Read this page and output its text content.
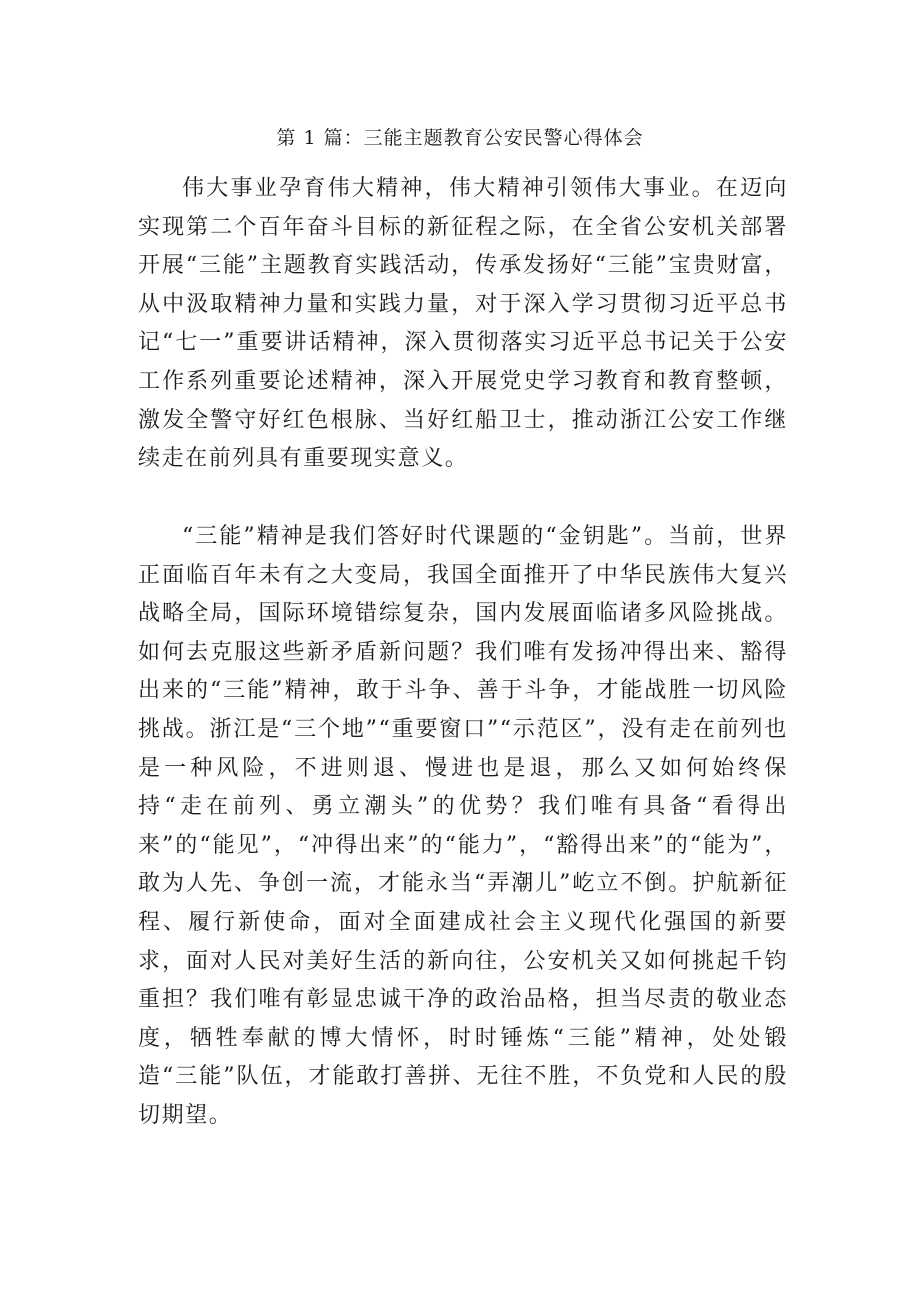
第 1 篇：三能主题教育公安民警心得体会

伟大事业孕育伟大精神，伟大精神引领伟大事业。在迈向实现第二个百年奋斗目标的新征程之际，在全省公安机关部署开展“三能”主题教育实践活动，传承发扬好“三能”宝贵财富，从中汲取精神力量和实践力量，对于深入学习贯彻习近平总书记“七一”重要讲话精神，深入贯彻落实习近平总书记关于公安工作系列重要论述精神，深入开展党史学习教育和教育整顿，激发全警守好红色根脉、当好红船卫士，推动浙江公安工作继续走在前列具有重要现实意义。

“三能”精神是我们答好时代课题的“金钥匙”。当前，世界正面临百年未有之大变局，我国全面推开了中华民族伟大复兴战略全局，国际环境错综复杂，国内发展面临诸多风险挑战。如何去克服这些新矛盾新问题？我们唯有发扬冲得出来、豁得出来的“三能”精神，敢于斗争、善于斗争，才能战胜一切风险挑战。浙江是“三个地”“重要窗口”“示范区”，没有走在前列也是一种风险，不进则退、慢进也是退，那么又如何始终保持“走在前列、勇立潮头”的优势？我们唯有具备“看得出来”的“能见”，“冲得出来”的“能力”，“豁得出来”的“能为”，敢为人先、争创一流，才能永当“弄潮儿”屹立不倒。护航新征程、履行新使命，面对全面建成社会主义现代化强国的新要求，面对人民对美好生活的新向往，公安机关又如何挑起千钧重担？我们唯有彰显忠诚干净的政治品格，担当尽责的敬业态度，牺牲奉献的博大情怀，时时锤炼“三能”精神，处处锻造“三能”队伍，才能敢打善拼、无往不胜，不负党和人民的殷切期望。
